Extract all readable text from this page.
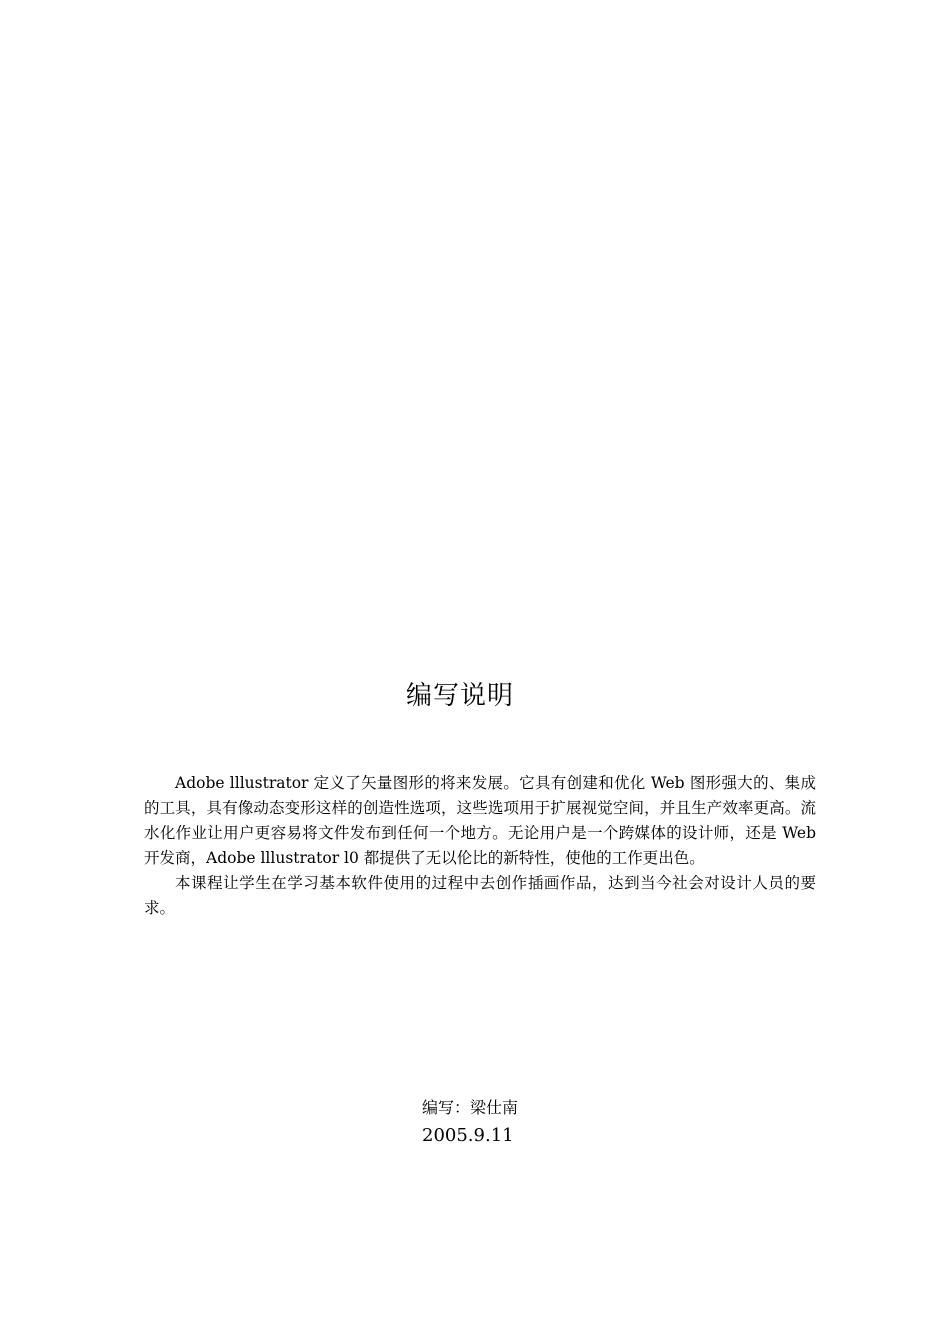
编写说明

Adobe lllustrator 定义了矢量图形的将来发展。它具有创建和优化 Web 图形强大的、集成的工具，具有像动态变形这样的创造性选项，这些选项用于扩展视觉空间，并且生产效率更高。流水化作业让用户更容易将文件发布到任何一个地方。无论用户是一个跨媒体的设计师，还是 Web 开发商，Adobe lllustrator l0 都提供了无以伦比的新特性，使他的工作更出色。

本课程让学生在学习基本软件使用的过程中去创作插画作品，达到当今社会对设计人员的要求。

编写：梁仕南
2005.9.11
